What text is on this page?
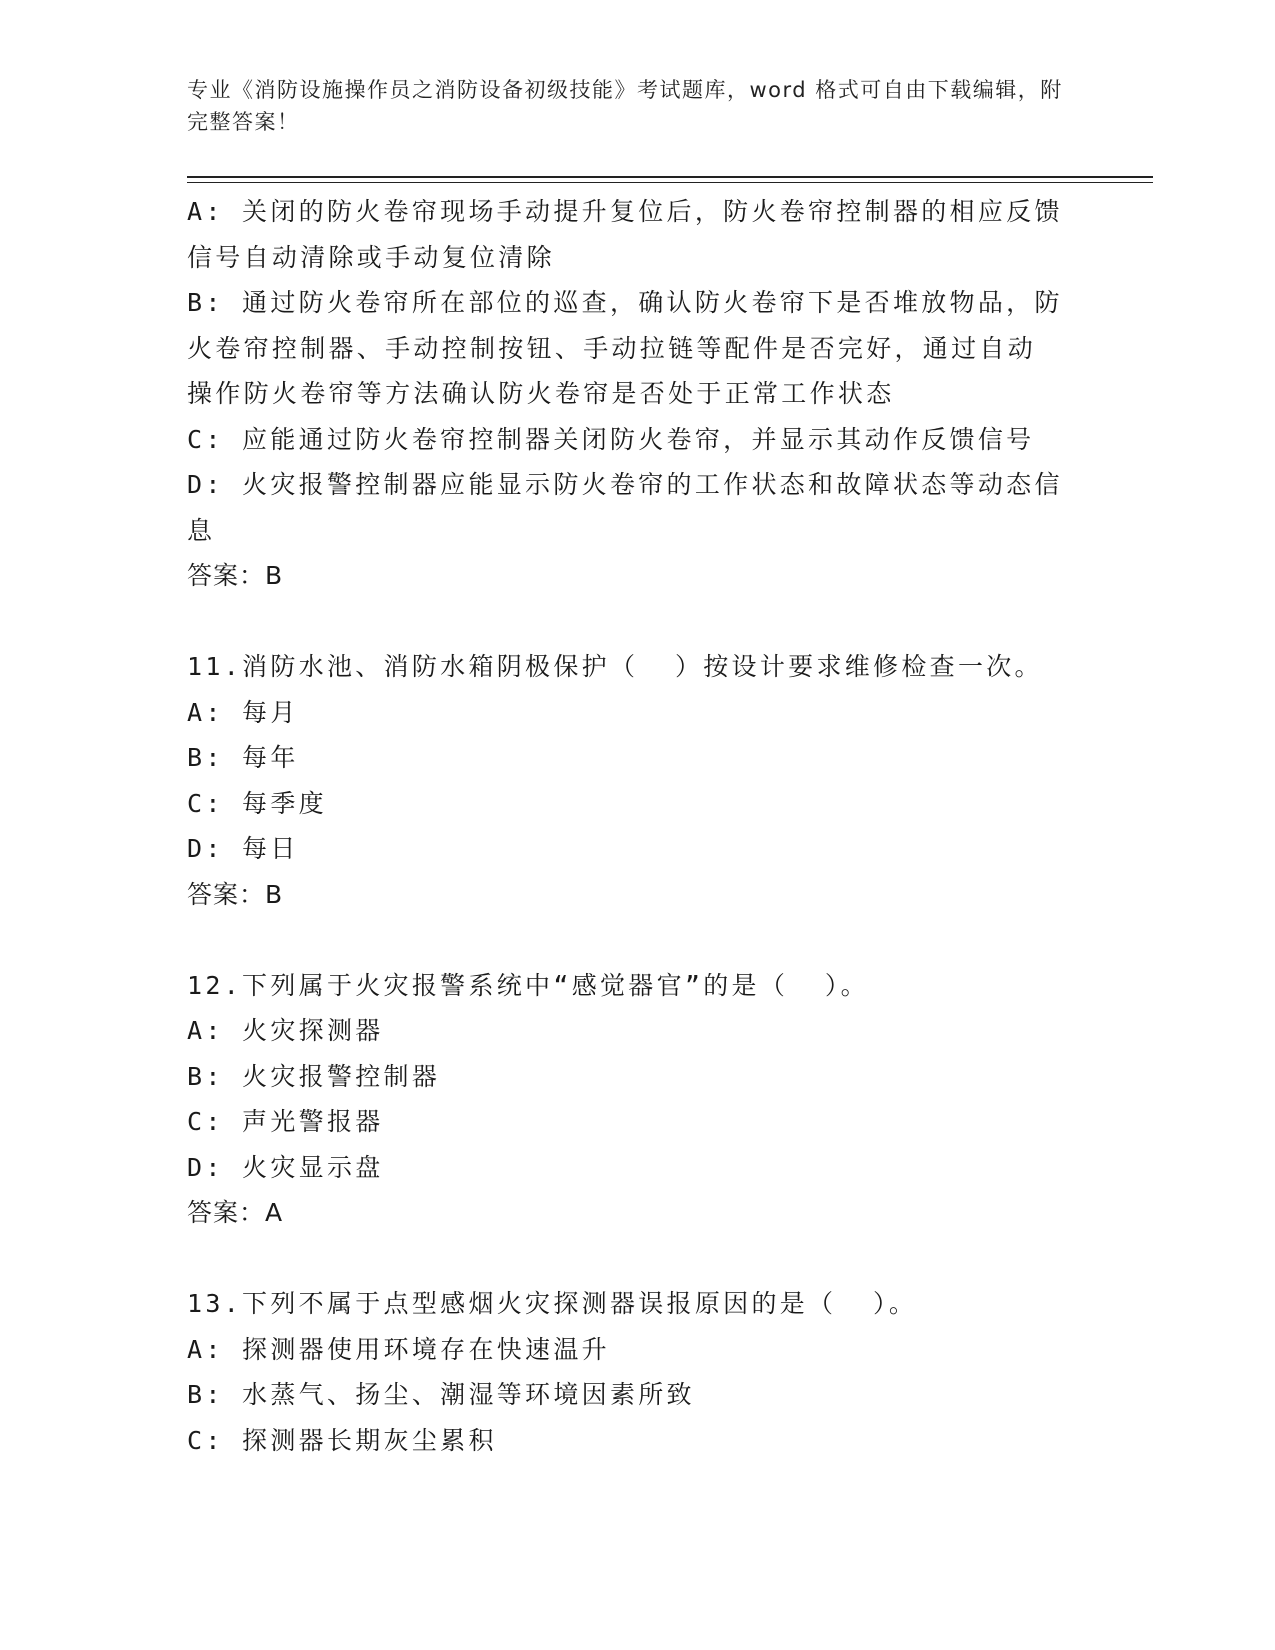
专业《消防设施操作员之消防设备初级技能》考试题库，word 格式可自由下载编辑，附完整答案！
A: 关闭的防火卷帘现场手动提升复位后，防火卷帘控制器的相应反馈
信号自动清除或手动复位清除
B: 通过防火卷帘所在部位的巡查，确认防火卷帘下是否堆放物品，防
火卷帘控制器、手动控制按钮、手动拉链等配件是否完好，通过自动
操作防火卷帘等方法确认防火卷帘是否处于正常工作状态
C: 应能通过防火卷帘控制器关闭防火卷帘，并显示其动作反馈信号
D: 火灾报警控制器应能显示防火卷帘的工作状态和故障状态等动态信
息
答案：B
11.消防水池、消防水箱阴极保护（  ）按设计要求维修检查一次。
A: 每月
B: 每年
C: 每季度
D: 每日
答案：B
12.下列属于火灾报警系统中“感觉器官”的是（  ）。
A: 火灾探测器
B: 火灾报警控制器
C: 声光警报器
D: 火灾显示盘
答案：A
13.下列不属于点型感烟火灾探测器误报原因的是（  ）。
A: 探测器使用环境存在快速温升
B: 水蒸气、扬尘、潮湿等环境因素所致
C: 探测器长期灰尘累积
